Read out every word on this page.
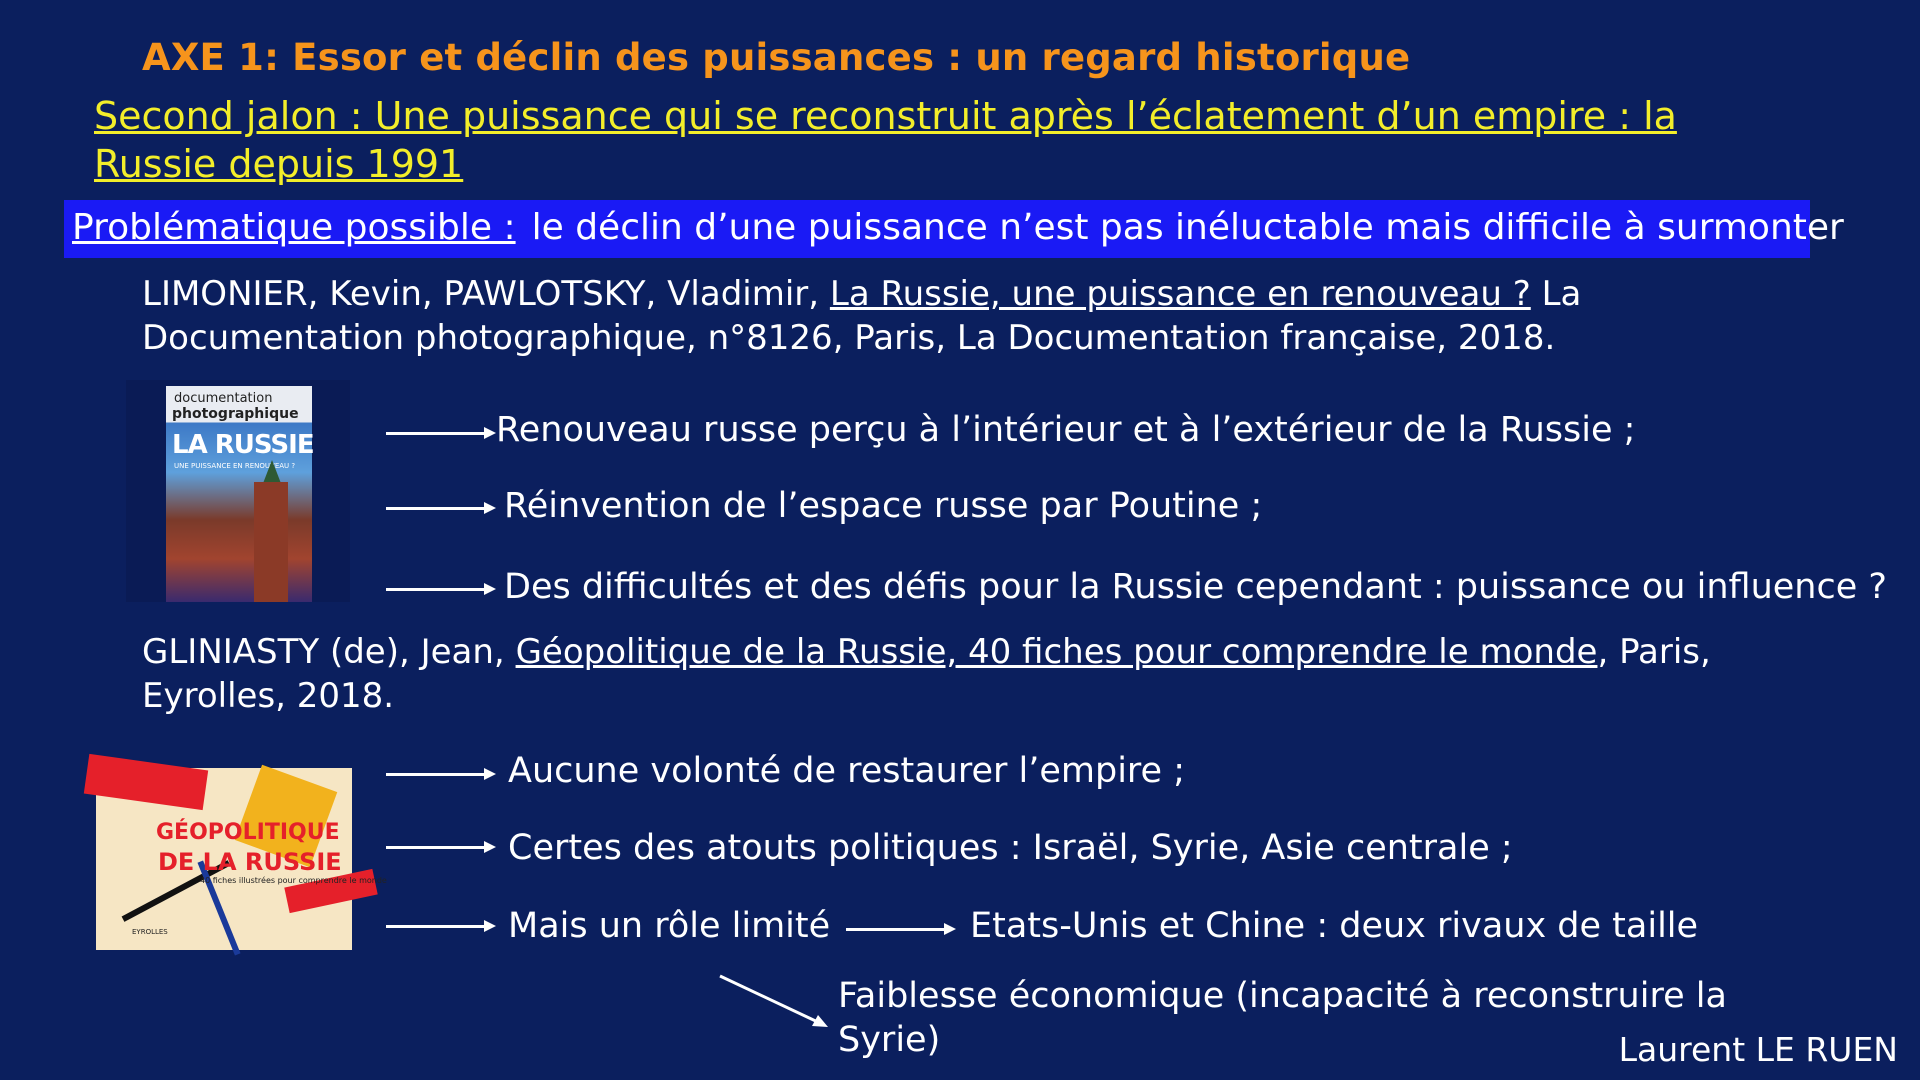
AXE 1: Essor et déclin des puissances : un regard historique
Second jalon : Une puissance qui se reconstruit après l’éclatement d’un empire : la Russie depuis 1991
Problématique possible : le déclin d’une puissance n’est pas inéluctable mais difficile à surmonter
LIMONIER, Kevin, PAWLOTSKY, Vladimir, La Russie, une puissance en renouveau ? La Documentation photographique, n°8126, Paris, La Documentation française, 2018.
documentation
photographique
LA RUSSIE
UNE PUISSANCE EN RENOUVEAU ?
Renouveau russe perçu à l’intérieur et à l’extérieur de la Russie ;
Réinvention de l’espace russe par Poutine ;
Des difficultés et des défis pour la Russie cependant : puissance ou influence ?
GLINIASTY (de), Jean, Géopolitique de la Russie, 40 fiches pour comprendre le monde, Paris, Eyrolles, 2018.
GÉOPOLITIQUE
DE LA RUSSIE
40 fiches illustrées pour comprendre le monde
EYROLLES
Aucune volonté de restaurer l’empire ;
Certes des atouts politiques : Israël, Syrie, Asie centrale ;
Mais un rôle limité	Etats-Unis et Chine : deux rivaux de taille
Faiblesse économique (incapacité à reconstruire la Syrie)	Laurent LE RUEN
